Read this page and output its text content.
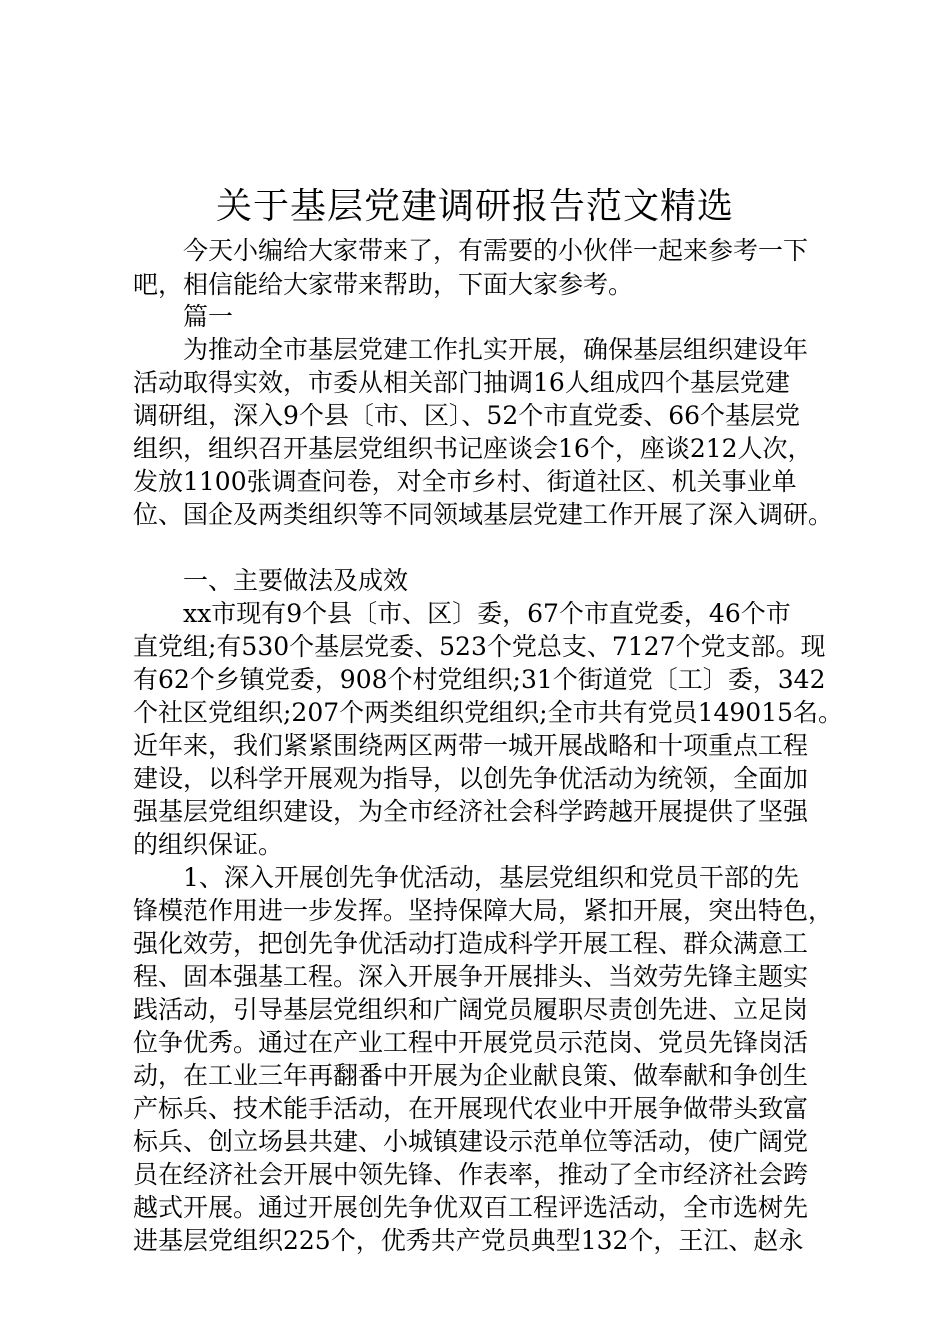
关于基层党建调研报告范文精选

今天小编给大家带来了，有需要的小伙伴一起来参考一下

吧，相信能给大家带来帮助，下面大家参考。

篇一

为推动全市基层党建工作扎实开展，确保基层组织建设年

活动取得实效，市委从相关部门抽调16人组成四个基层党建

调研组，深入9个县〔市、区〕、52个市直党委、66个基层党

组织，组织召开基层党组织书记座谈会16个，座谈212人次，

发放1100张调查问卷，对全市乡村、街道社区、机关事业单

位、国企及两类组织等不同领域基层党建工作开展了深入调研。

一、主要做法及成效

xx市现有9个县〔市、区〕委，67个市直党委，46个市

直党组;有530个基层党委、523个党总支、7127个党支部。现

有62个乡镇党委，908个村党组织;31个街道党〔工〕委，342

个社区党组织;207个两类组织党组织;全市共有党员149015名。

近年来，我们紧紧围绕两区两带一城开展战略和十项重点工程

建设，以科学开展观为指导，以创先争优活动为统领，全面加

强基层党组织建设，为全市经济社会科学跨越开展提供了坚强

的组织保证。

1、深入开展创先争优活动，基层党组织和党员干部的先

锋模范作用进一步发挥。坚持保障大局，紧扣开展，突出特色，

强化效劳，把创先争优活动打造成科学开展工程、群众满意工

程、固本强基工程。深入开展争开展排头、当效劳先锋主题实

践活动，引导基层党组织和广阔党员履职尽责创先进、立足岗

位争优秀。通过在产业工程中开展党员示范岗、党员先锋岗活

动，在工业三年再翻番中开展为企业献良策、做奉献和争创生

产标兵、技术能手活动，在开展现代农业中开展争做带头致富

标兵、创立场县共建、小城镇建设示范单位等活动，使广阔党

员在经济社会开展中领先锋、作表率，推动了全市经济社会跨

越式开展。通过开展创先争优双百工程评选活动，全市选树先

进基层党组织225个，优秀共产党员典型132个，王江、赵永
